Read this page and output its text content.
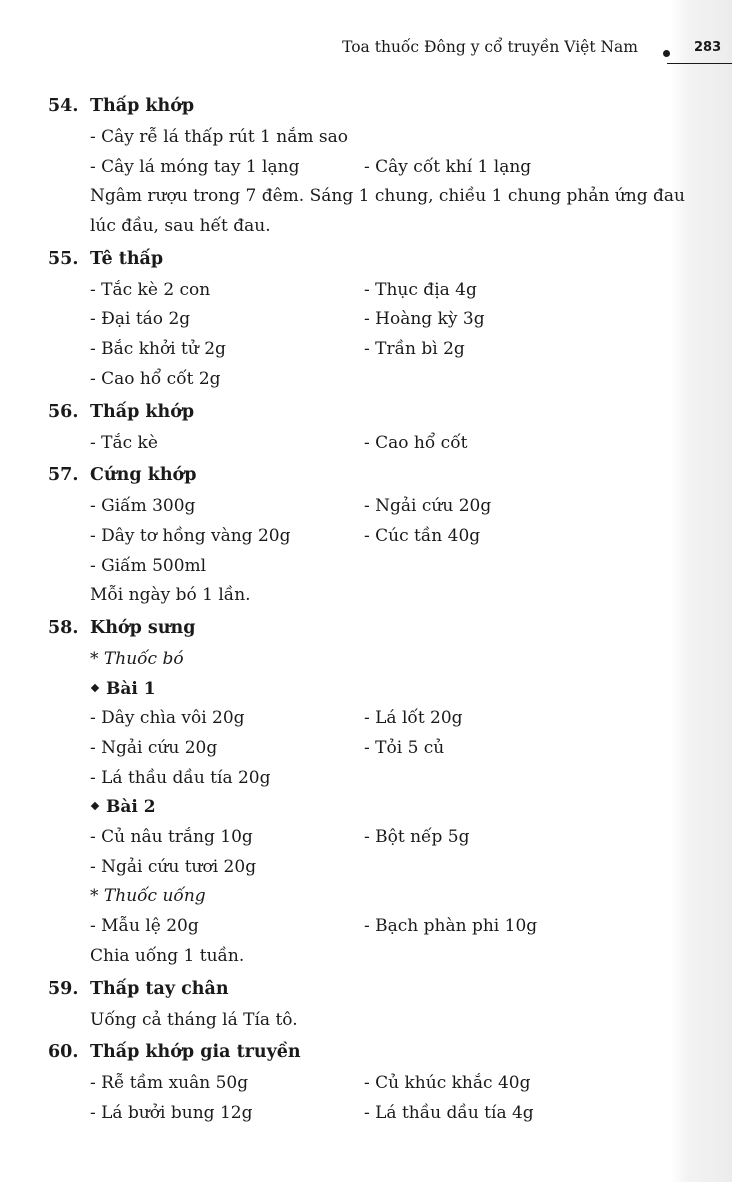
Toa thuốc Đông y cổ truyền Việt Nam	283
54. Thấp khớp
- Cây rễ lá thấp rút 1 nắm sao
- Cây lá móng tay 1 lạng	- Cây cốt khí 1 lạng
Ngâm rượu trong 7 đêm. Sáng 1 chung, chiều 1 chung phản ứng đau lúc đầu, sau hết đau.
55. Tê thấp
- Tắc kè 2 con	- Thục địa 4g
- Đại táo 2g	- Hoàng kỳ 3g
- Bắc khởi tử 2g	- Trần bì 2g
- Cao hổ cốt 2g
56. Thấp khớp
- Tắc kè	- Cao hổ cốt
57. Cứng khớp
- Giấm 300g	- Ngải cứu 20g
- Dây tơ hồng vàng 20g	- Cúc tần 40g
- Giấm 500ml
Mỗi ngày bó 1 lần.
58. Khớp sưng
* Thuốc bó
Bài 1
- Dây chìa vôi 20g	- Lá lốt 20g
- Ngải cứu 20g	- Tỏi 5 củ
- Lá thầu dầu tía 20g
Bài 2
- Củ nâu trắng 10g	- Bột nếp 5g
- Ngải cứu tươi 20g
* Thuốc uống
- Mẫu lệ 20g	- Bạch phàn phi 10g
Chia uống 1 tuần.
59. Thấp tay chân
Uống cả tháng lá Tía tô.
60. Thấp khớp gia truyền
- Rễ tầm xuân 50g	- Củ khúc khắc 40g
- Lá bưởi bung 12g	- Lá thầu dầu tía 4g
